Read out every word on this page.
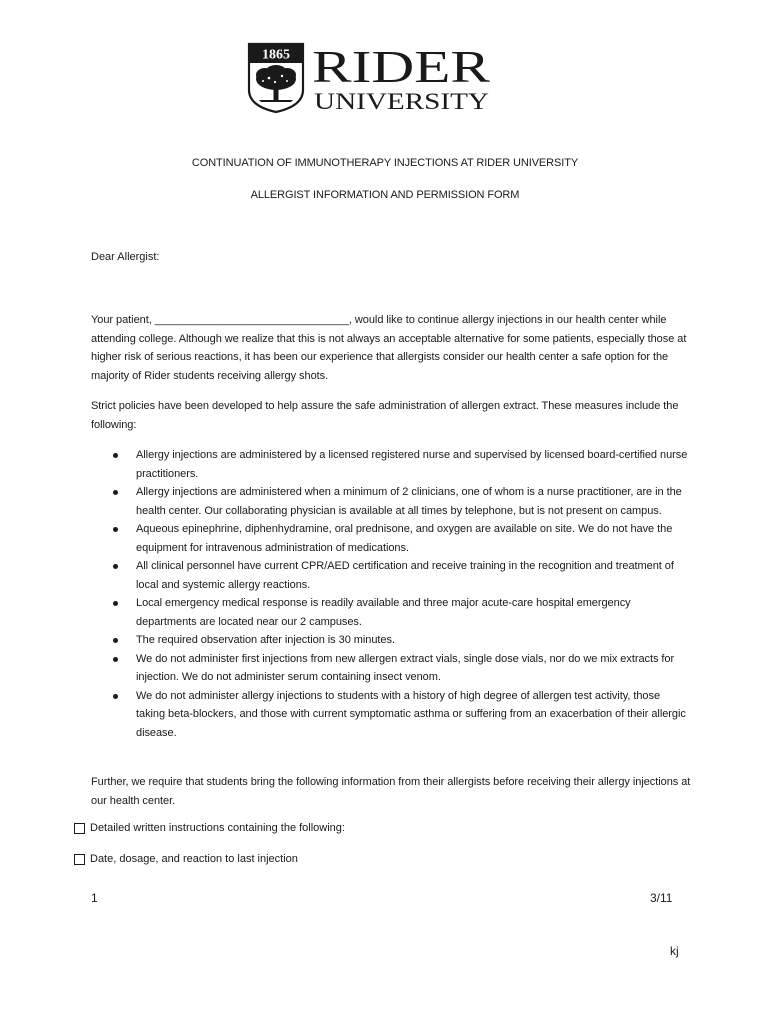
1865 RIDER
UNIVERSITY
CONTINUATION OF IMMUNOTHERAPY INJECTIONS AT RIDER UNIVERSITY
ALLERGIST INFORMATION AND PERMISSION FORM
Dear Allergist:
Your patient, ________________________________, would like to continue allergy injections in our health center while attending college. Although we realize that this is not always an acceptable alternative for some patients, especially those at higher risk of serious reactions, it has been our experience that allergists consider our health center a safe option for the majority of Rider students receiving allergy shots.
Strict policies have been developed to help assure the safe administration of allergen extract. These measures include the following:
Allergy injections are administered by a licensed registered nurse and supervised by licensed board-certified nurse practitioners.
Allergy injections are administered when a minimum of 2 clinicians, one of whom is a nurse practitioner, are in the health center. Our collaborating physician is available at all times by telephone, but is not present on campus.
Aqueous epinephrine, diphenhydramine, oral prednisone, and oxygen are available on site. We do not have the equipment for intravenous administration of medications.
All clinical personnel have current CPR/AED certification and receive training in the recognition and treatment of local and systemic allergy reactions.
Local emergency medical response is readily available and three major acute-care hospital emergency departments are located near our 2 campuses.
The required observation after injection is 30 minutes.
We do not administer first injections from new allergen extract vials, single dose vials, nor do we mix extracts for injection. We do not administer serum containing insect venom.
We do not administer allergy injections to students with a history of high degree of allergen test activity, those taking beta-blockers, and those with current symptomatic asthma or suffering from an exacerbation of their allergic disease.
Further, we require that students bring the following information from their allergists before receiving their allergy injections at our health center.
Detailed written instructions containing the following:
Date, dosage, and reaction to last injection
1	3/11
kj
